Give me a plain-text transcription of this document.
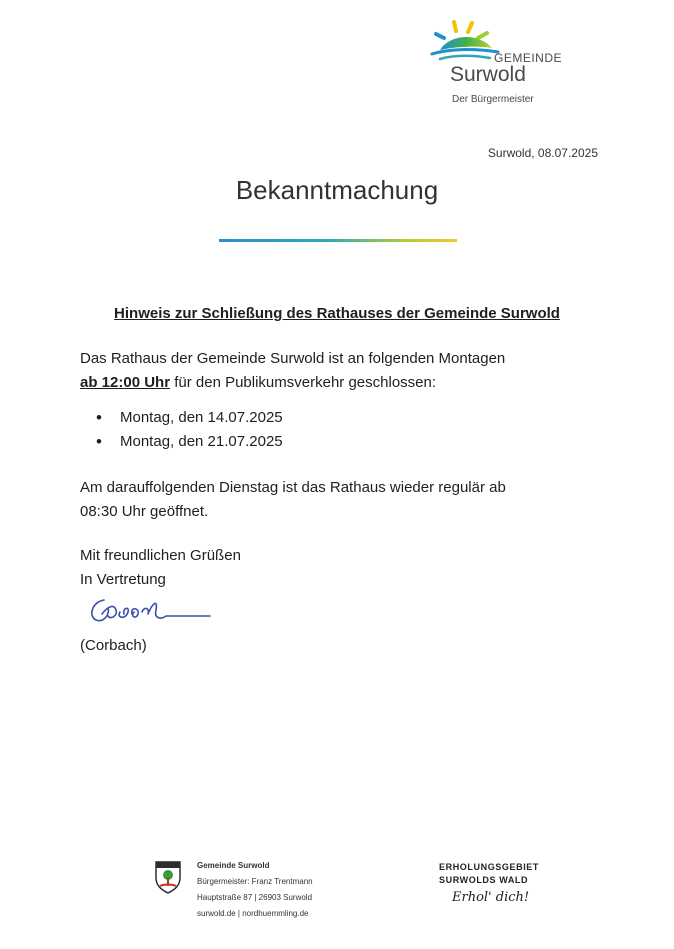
GEMEINDE
Surwold
Der Bürgermeister
Surwold, 08.07.2025
Bekanntmachung
Hinweis zur Schließung des Rathauses der Gemeinde Surwold
Das Rathaus der Gemeinde Surwold ist an folgenden Montagen
ab 12:00 Uhr für den Publikumsverkehr geschlossen:
• Montag, den 14.07.2025
• Montag, den 21.07.2025
Am darauffolgenden Dienstag ist das Rathaus wieder regulär ab
08:30 Uhr geöffnet.
Mit freundlichen Grüßen
In Vertretung
(Corbach)
Gemeinde Surwold
Bürgermeister: Franz Trentmann
Hauptstraße 87 | 26903 Surwold
surwold.de | nordhuemmling.de
ERHOLUNGSGEBIET
SURWOLDS WALD
Erhol' dich!
